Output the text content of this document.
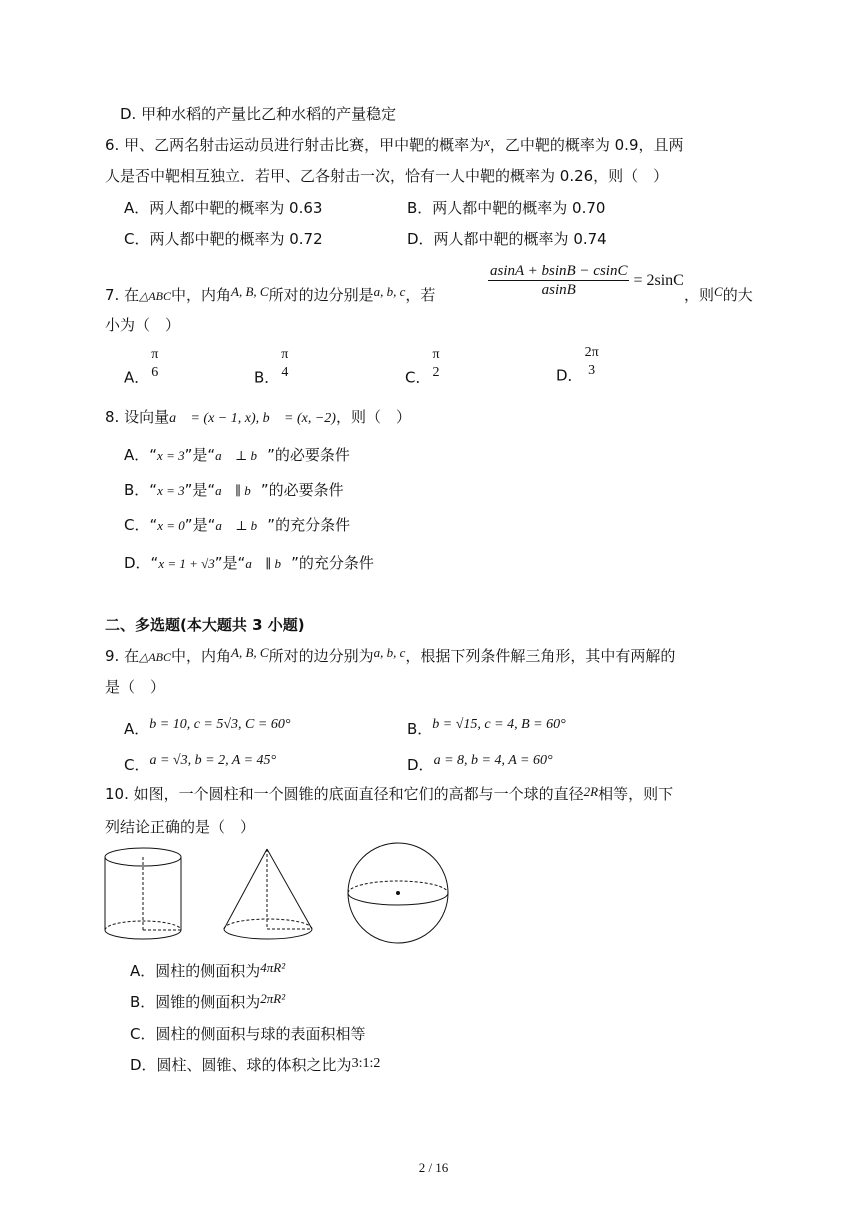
D. 甲种水稻的产量比乙种水稻的产量稳定
6. 甲、乙两名射击运动员进行射击比赛，甲中靶的概率为x，乙中靶的概率为 0.9，且两
人是否中靶相互独立．若甲、乙各射击一次，恰有一人中靶的概率为 0.26，则（　）
A．两人都中靶的概率为 0.63	B．两人都中靶的概率为 0.70
C．两人都中靶的概率为 0.72	D．两人都中靶的概率为 0.74
7. 在△ABC中，内角A, B, C所对的边分别是a, b, c，若	$\frac{asinA + bsinB - csinC}{asinB} = 2\sin C$
，则C的大
小为（　）
A．
π
6	B．
π
4	C．
π
2	D．
2π
3
8. 设向量a⃗ = (x − 1, x), b⃗ = (x, −2)，则（　）
A．“x = 3”是“a⃗ ⊥ b⃗”的必要条件
B．“x = 3”是“a⃗ ∥ b⃗”的必要条件
C．“x = 0”是“a⃗ ⊥ b⃗”的充分条件
D．“x = 1 + √3”是“a⃗ ∥ b⃗”的充分条件
二、多选题(本大题共 3 小题)
9. 在△ABC中，内角A, B, C所对的边分别为a, b, c，根据下列条件解三角形，其中有两解的
是（　）
A．b = 10, c = 5√3, C = 60°	B．b = √15, c = 4, B = 60°
C．a = √3, b = 2, A = 45°	D．a = 8, b = 4, A = 60°
10. 如图，一个圆柱和一个圆锥的底面直径和它们的高都与一个球的直径2R相等，则下
列结论正确的是（　）
A．圆柱的侧面积为4πR²
B．圆锥的侧面积为2πR²
C．圆柱的侧面积与球的表面积相等
D．圆柱、圆锥、球的体积之比为3:1:2
2 / 16
